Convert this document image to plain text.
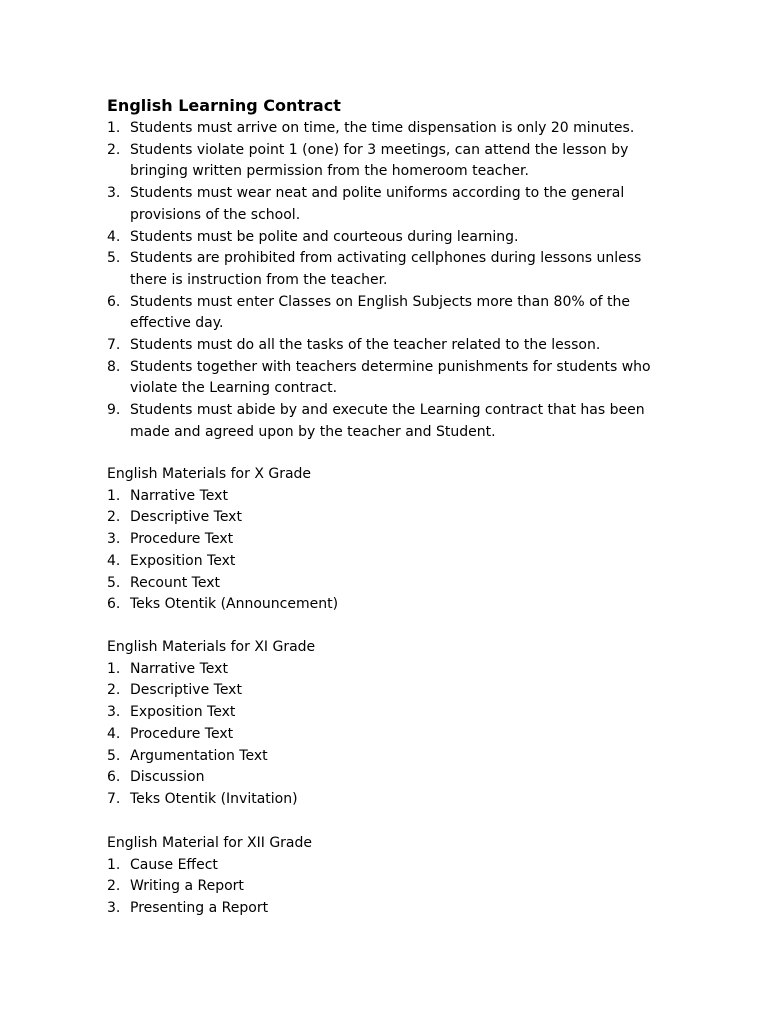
English Learning Contract
1. Students must arrive on time, the time dispensation is only 20 minutes.
2. Students violate point 1 (one) for 3 meetings, can attend the lesson by bringing written permission from the homeroom teacher.
3. Students must wear neat and polite uniforms according to the general provisions of the school.
4. Students must be polite and courteous during learning.
5. Students are prohibited from activating cellphones during lessons unless there is instruction from the teacher.
6. Students must enter Classes on English Subjects more than 80% of the effective day.
7. Students must do all the tasks of the teacher related to the lesson.
8. Students together with teachers determine punishments for students who violate the Learning contract.
9. Students must abide by and execute the Learning contract that has been made and agreed upon by the teacher and Student.
English Materials for X Grade
1. Narrative Text
2. Descriptive Text
3. Procedure Text
4. Exposition Text
5. Recount Text
6. Teks Otentik (Announcement)
English Materials for XI Grade
1. Narrative Text
2. Descriptive Text
3. Exposition Text
4. Procedure Text
5. Argumentation Text
6. Discussion
7. Teks Otentik (Invitation)
English Material for XII Grade
1. Cause Effect
2. Writing a Report
3. Presenting a Report
